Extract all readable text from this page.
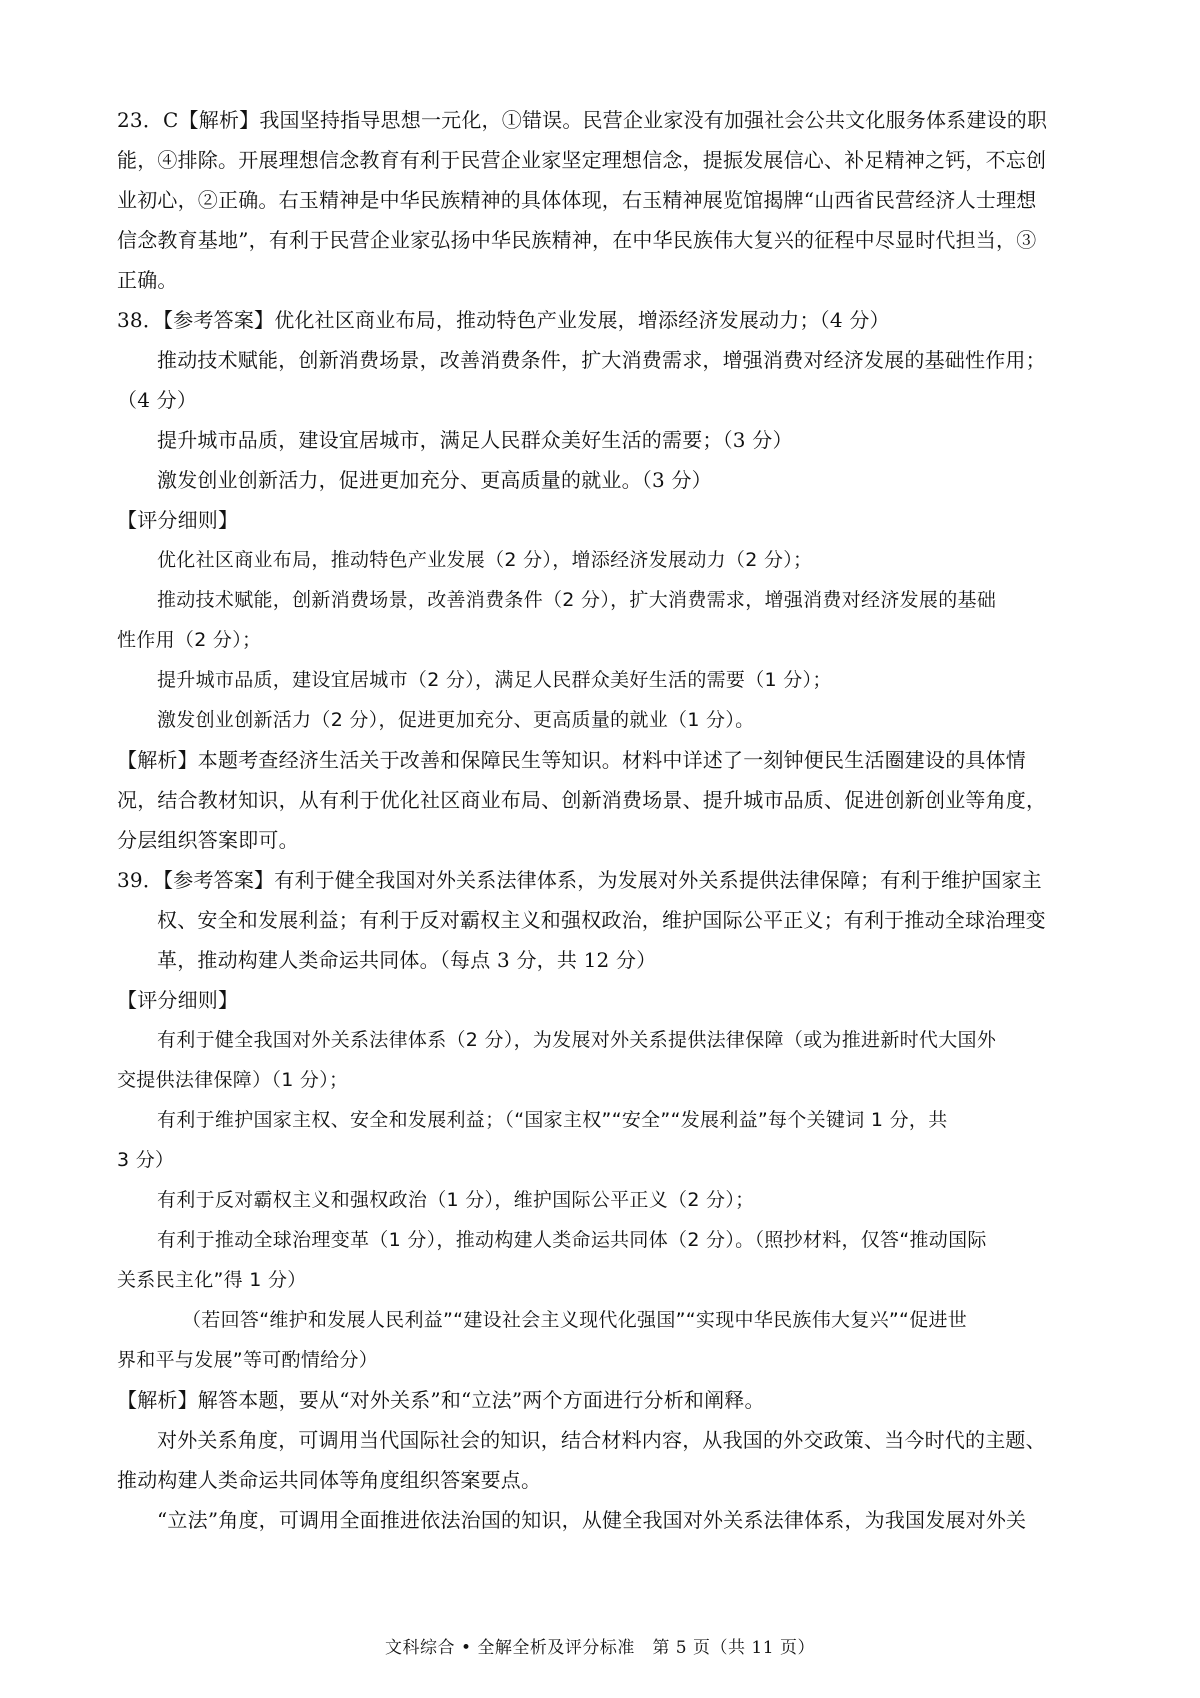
23．C【解析】我国坚持指导思想一元化，①错误。民营企业家没有加强社会公共文化服务体系建设的职
能，④排除。开展理想信念教育有利于民营企业家坚定理想信念，提振发展信心、补足精神之钙，不忘创
业初心，②正确。右玉精神是中华民族精神的具体体现，右玉精神展览馆揭牌“山西省民营经济人士理想
信念教育基地”，有利于民营企业家弘扬中华民族精神，在中华民族伟大复兴的征程中尽显时代担当，③
正确。
38．【参考答案】优化社区商业布局，推动特色产业发展，增添经济发展动力；（4 分）
推动技术赋能，创新消费场景，改善消费条件，扩大消费需求，增强消费对经济发展的基础性作用；
（4 分）
提升城市品质，建设宜居城市，满足人民群众美好生活的需要；（3 分）
激发创业创新活力，促进更加充分、更高质量的就业。（3 分）
【评分细则】
优化社区商业布局，推动特色产业发展（2 分），增添经济发展动力（2 分）；
推动技术赋能，创新消费场景，改善消费条件（2 分），扩大消费需求，增强消费对经济发展的基础
性作用（2 分）；
提升城市品质，建设宜居城市（2 分），满足人民群众美好生活的需要（1 分）；
激发创业创新活力（2 分），促进更加充分、更高质量的就业（1 分）。
【解析】本题考查经济生活关于改善和保障民生等知识。材料中详述了一刻钟便民生活圈建设的具体情
况，结合教材知识，从有利于优化社区商业布局、创新消费场景、提升城市品质、促进创新创业等角度，
分层组织答案即可。
39．【参考答案】有利于健全我国对外关系法律体系，为发展对外关系提供法律保障；有利于维护国家主
权、安全和发展利益；有利于反对霸权主义和强权政治，维护国际公平正义；有利于推动全球治理变
革，推动构建人类命运共同体。（每点 3 分，共 12 分）
【评分细则】
有利于健全我国对外关系法律体系（2 分），为发展对外关系提供法律保障（或为推进新时代大国外
交提供法律保障）（1 分）；
有利于维护国家主权、安全和发展利益；（“国家主权”“安全”“发展利益”每个关键词 1 分，共
3 分）
有利于反对霸权主义和强权政治（1 分），维护国际公平正义（2 分）；
有利于推动全球治理变革（1 分），推动构建人类命运共同体（2 分）。（照抄材料，仅答“推动国际
关系民主化”得 1 分）
（若回答“维护和发展人民利益”“建设社会主义现代化强国”“实现中华民族伟大复兴”“促进世
界和平与发展”等可酌情给分）
【解析】解答本题，要从“对外关系”和“立法”两个方面进行分析和阐释。
对外关系角度，可调用当代国际社会的知识，结合材料内容，从我国的外交政策、当今时代的主题、
推动构建人类命运共同体等角度组织答案要点。
“立法”角度，可调用全面推进依法治国的知识，从健全我国对外关系法律体系，为我国发展对外关
文科综合 • 全解全析及评分标准　第 5 页（共 11 页）
